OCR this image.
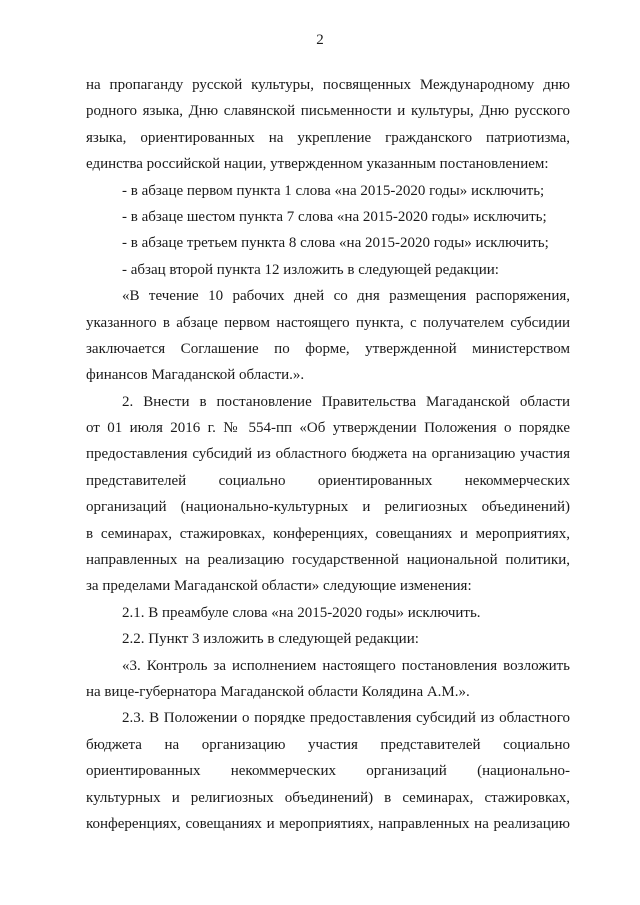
2
на пропаганду русской культуры, посвященных Международному дню
родного языка, Дню славянской письменности и культуры, Дню русского
языка, ориентированных на укрепление гражданского патриотизма,
единства российской нации, утвержденном указанным постановлением:
- в абзаце первом пункта 1 слова «на 2015-2020 годы» исключить;
- в абзаце шестом пункта 7 слова «на 2015-2020 годы» исключить;
- в абзаце третьем пункта 8 слова «на 2015-2020 годы» исключить;
- абзац второй пункта 12 изложить в следующей редакции:
«В течение 10 рабочих дней со дня размещения распоряжения,
указанного в абзаце первом настоящего пункта, с получателем субсидии
заключается Соглашение по форме, утвержденной министерством
финансов Магаданской области.».
2. Внести в постановление Правительства Магаданской области
от 01 июля 2016 г. № 554-пп «Об утверждении Положения о порядке
предоставления субсидий из областного бюджета на организацию участия
представителей социально ориентированных некоммерческих
организаций (национально-культурных и религиозных объединений)
в семинарах, стажировках, конференциях, совещаниях и мероприятиях,
направленных на реализацию государственной национальной политики,
за пределами Магаданской области» следующие изменения:
2.1. В преамбуле слова «на 2015-2020 годы» исключить.
2.2. Пункт 3 изложить в следующей редакции:
«3. Контроль за исполнением настоящего постановления возложить
на вице-губернатора Магаданской области Колядина А.М.».
2.3. В Положении о порядке предоставления субсидий из областного
бюджета на организацию участия представителей социально
ориентированных некоммерческих организаций (национально-
культурных и религиозных объединений) в семинарах, стажировках,
конференциях, совещаниях и мероприятиях, направленных на реализацию
